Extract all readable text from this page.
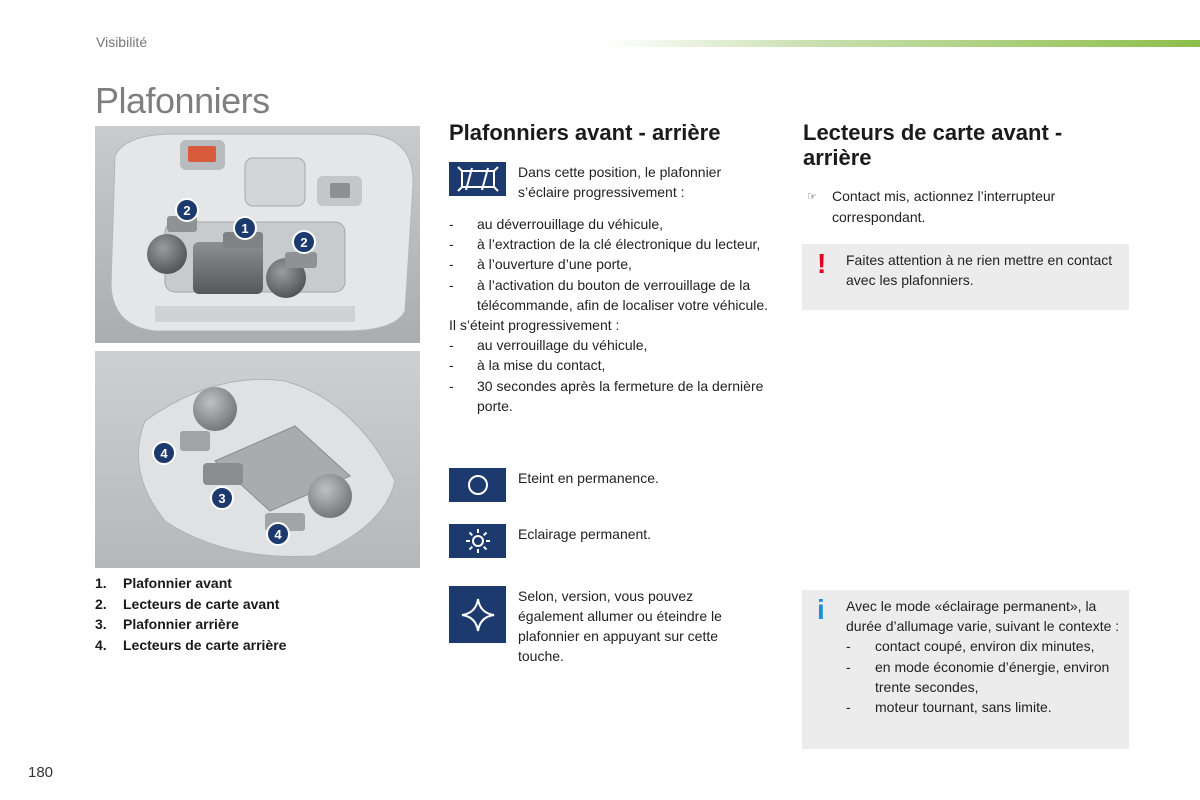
Visibilité
Plafonniers
2
1
2
4
3
4
1.	Plafonnier avant
2.	Lecteurs de carte avant
3.	Plafonnier arrière
4.	Lecteurs de carte arrière
Plafonniers avant - arrière
Dans cette position, le plafonnier s’éclaire progressivement :
-	au déverrouillage du véhicule,
-	à l’extraction de la clé électronique du lecteur,
-	à l’ouverture d’une porte,
-	à l’activation du bouton de verrouillage de la télécommande, afin de localiser votre véhicule.
Il s’éteint progressivement :
-	au verrouillage du véhicule,
-	à la mise du contact,
-	30 secondes après la fermeture de la dernière porte.
Eteint en permanence.
Eclairage permanent.
Selon, version, vous pouvez également allumer ou éteindre le plafonnier en appuyant sur cette touche.
Lecteurs de carte avant - arrière
☞	Contact mis, actionnez l’interrupteur correspondant.
! Faites attention à ne rien mettre en contact avec les plafonniers.
i Avec le mode «éclairage permanent», la durée d’allumage varie, suivant le contexte :
-	contact coupé, environ dix minutes,
-	en mode économie d’énergie, environ trente secondes,
-	moteur tournant, sans limite.
180
